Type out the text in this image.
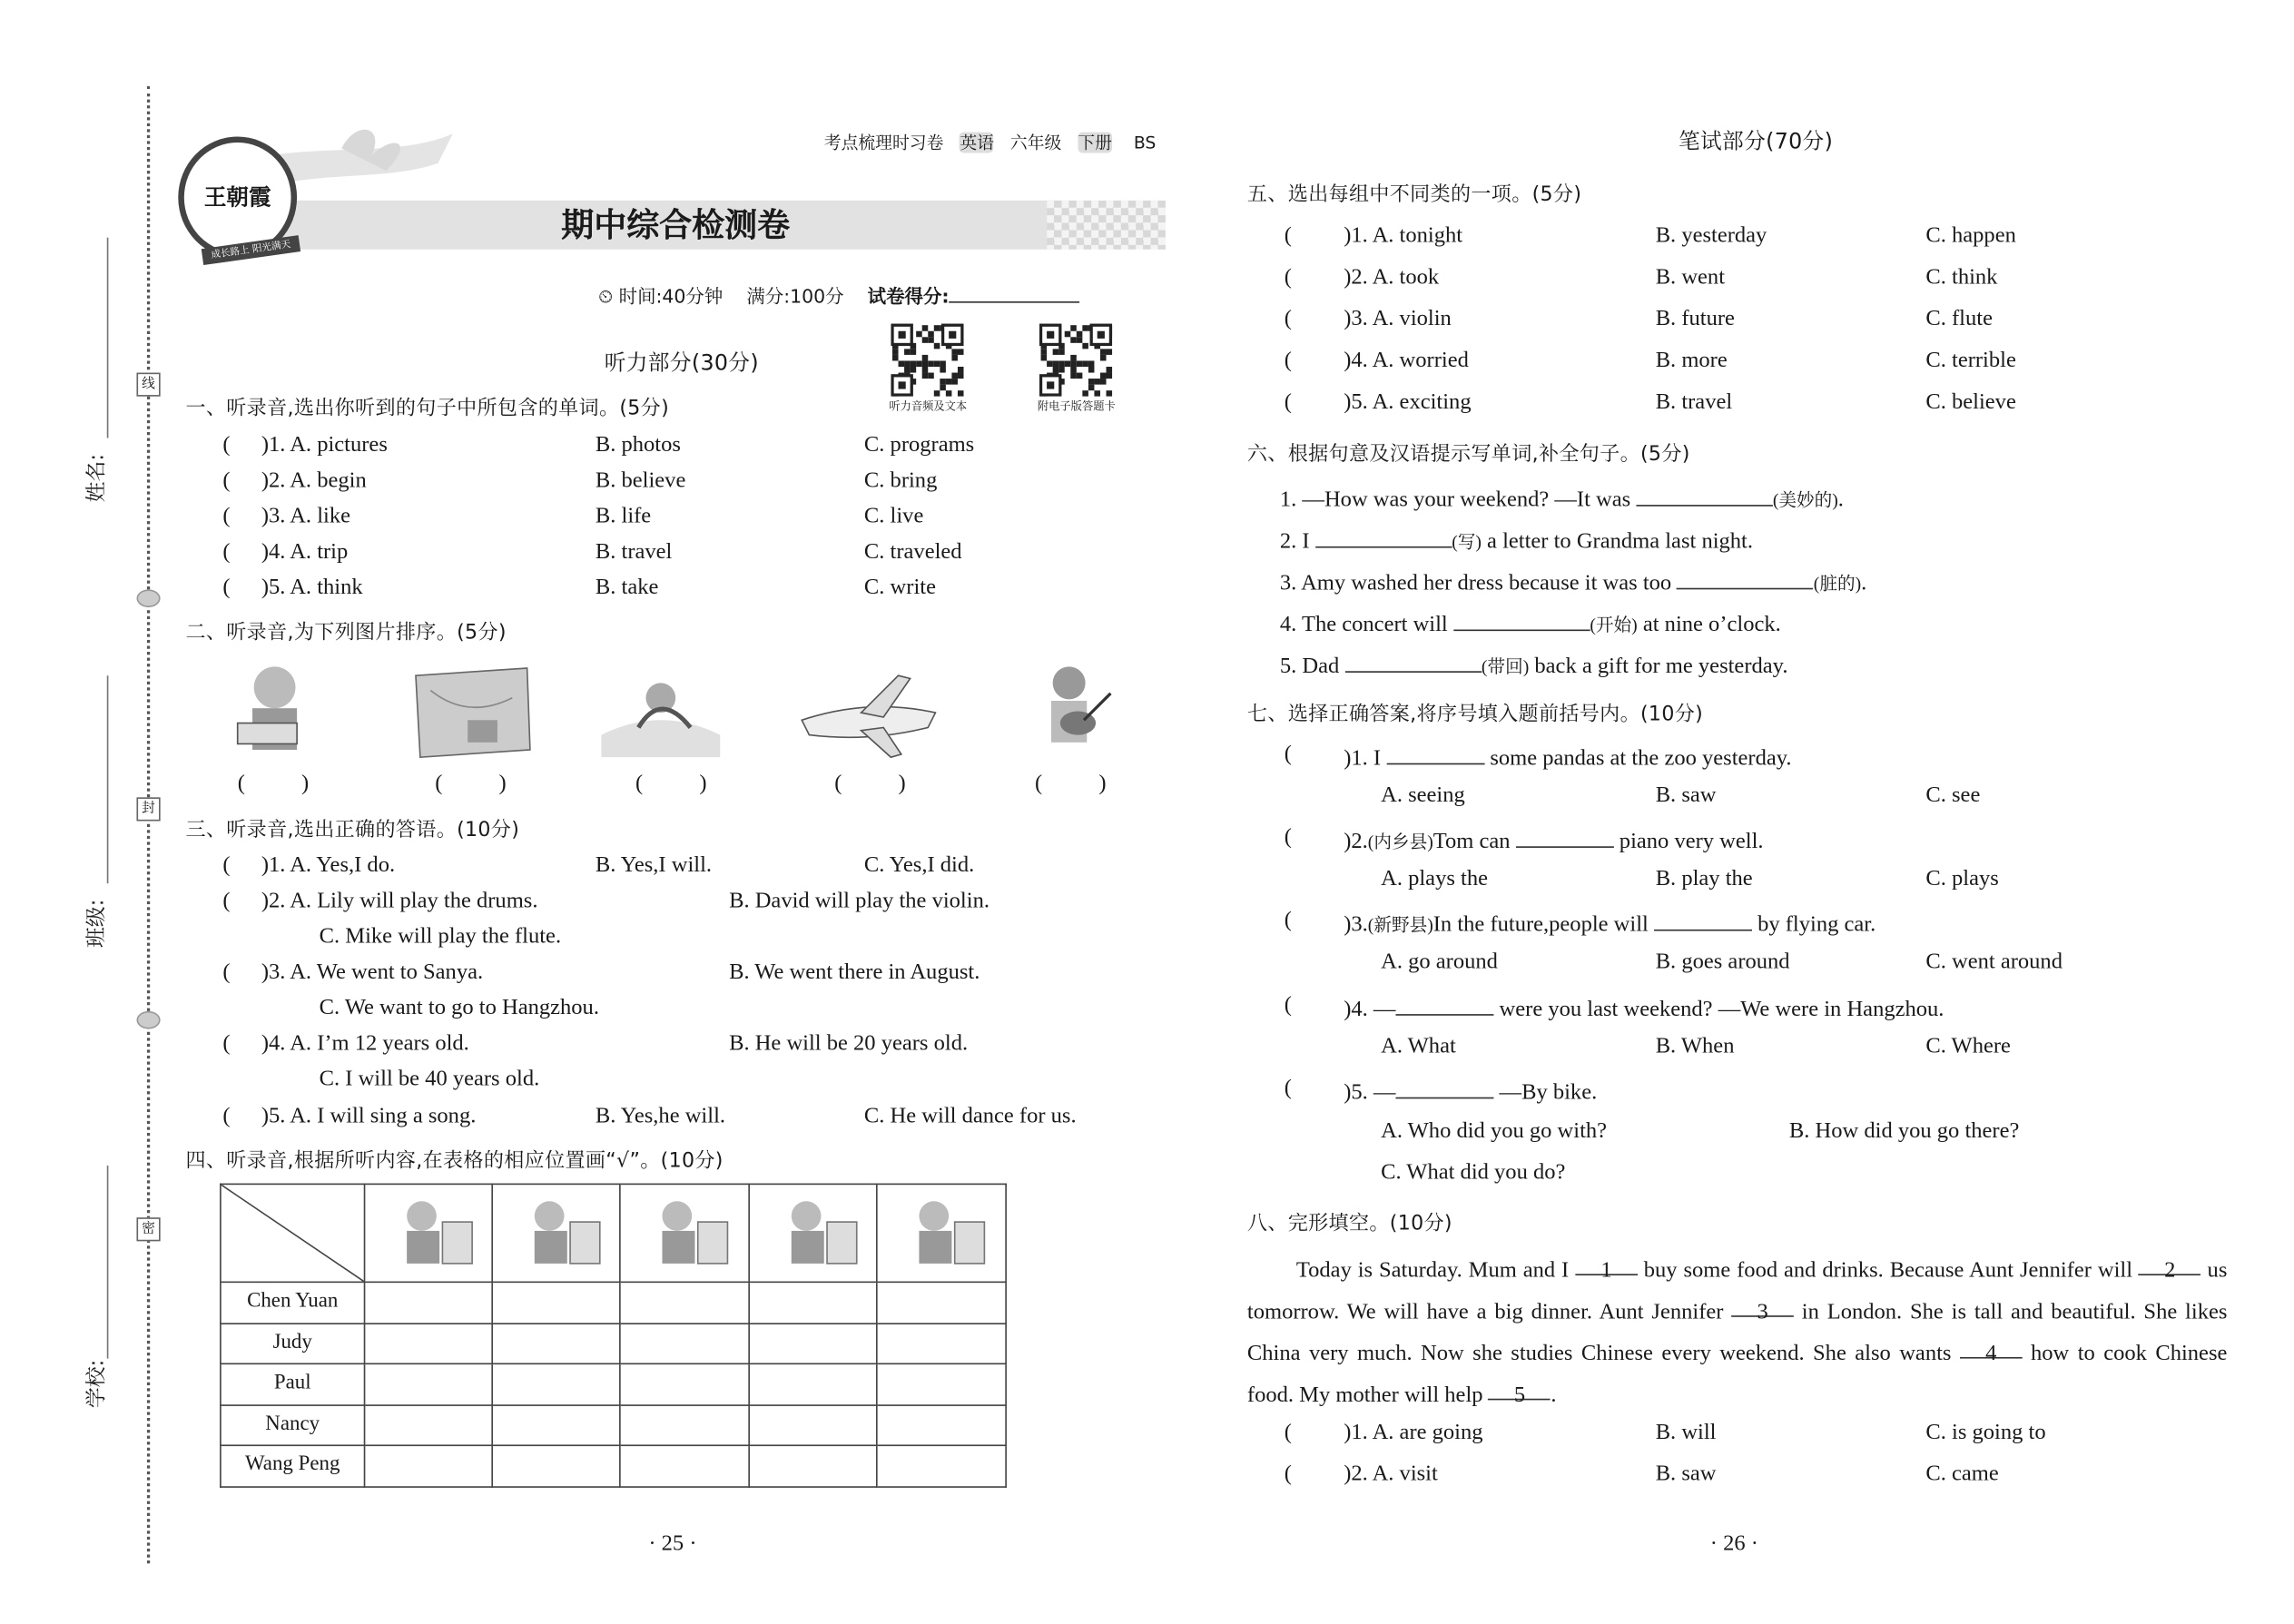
姓名:
班级:
学校:
线
封
密
考点梳理时习卷 英语 六年级 下册 BS
王朝霞
成长路上 阳光满天
期中综合检测卷
⏲ 时间:40分钟 满分:100分 试卷得分:
听力部分(30分)
听力音频及文本	附电子版答题卡

Chen Yuan					
Judy					
Paul					
Nancy					
Wang Peng					
· 25 ·
笔试部分(70分)
Today is Saturday. Mum and I 1 buy some food and drinks. Because Aunt Jennifer will 2 us tomorrow. We will have a big dinner. Aunt Jennifer 3 in London. She is tall and beautiful. She likes China very much. Now she studies Chinese every weekend. She also wants 4 how to cook Chinese food. My mother will help 5 .
· 26 ·
一、听录音,选出你听到的句子中所包含的单词。(5分)
( )1. A. pictures	B. photos	C. programs
( )2. A. begin	B. believe	C. bring
( )3. A. like	B. life	C. live
( )4. A. trip	B. travel	C. traveled
( )5. A. think	B. take	C. write
二、听录音,为下列图片排序。(5分)
(	)	(	)	(	)	(	)	(	)
三、听录音,选出正确的答语。(10分)
( )1. A. Yes,I do.	B. Yes,I will.	C. Yes,I did.
( )2. A. Lily will play the drums.	B. David will play the violin.
C. Mike will play the flute.
( )3. A. We went to Sanya.	B. We went there in August.
C. We want to go to Hangzhou.
( )4. A. I’m 12 years old.	B. He will be 20 years old.
C. I will be 40 years old.
( )5. A. I will sing a song.	B. Yes,he will.	C. He will dance for us.
四、听录音,根据所听内容,在表格的相应位置画“√”。(10分)
五、选出每组中不同类的一项。(5分)
(	)1. A. tonight	B. yesterday	C. happen
(	)2. A. took	B. went	C. think
(	)3. A. violin	B. future	C. flute
(	)4. A. worried	B. more	C. terrible
(	)5. A. exciting	B. travel	C. believe
六、根据句意及汉语提示写单词,补全句子。(5分)
1. —How was your weekend? —It was	(美妙的).
2. I	(写) a letter to Grandma last night.
3. Amy washed her dress because it was too	(脏的).
4. The concert will	(开始) at nine o’clock.
5. Dad	(带回) back a gift for me yesterday.
七、选择正确答案,将序号填入题前括号内。(10分)
(	)1. I	some pandas at the zoo yesterday.
A. seeing	B. saw	C. see
(	)2.(内乡县)Tom can	piano very well.
A. plays the	B. play the	C. plays
(	)3.(新野县)In the future,people will	by flying car.
A. go around	B. goes around	C. went around
(	)4. —	were you last weekend? —We were in Hangzhou.
A. What	B. When	C. Where
(	)5. —	—By bike.
A. Who did you go with?	B. How did you go there?
C. What did you do?
八、完形填空。(10分)
(	)1. A. are going	B. will	C. is going to
(	)2. A. visit	B. saw	C. came
